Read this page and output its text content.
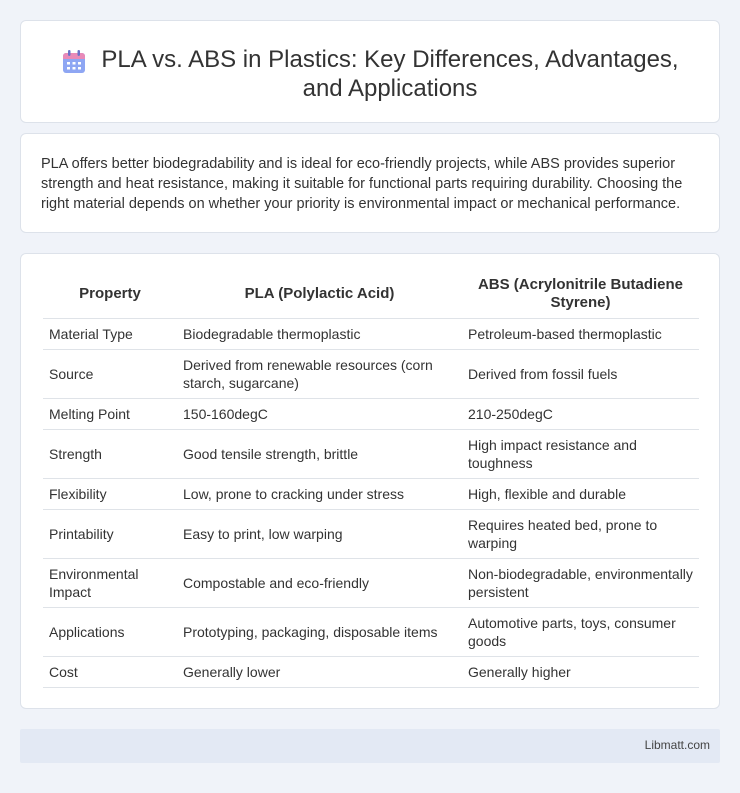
PLA vs. ABS in Plastics: Key Differences, Advantages, and Applications

PLA offers better biodegradability and is ideal for eco-friendly projects, while ABS provides superior strength and heat resistance, making it suitable for functional parts requiring durability. Choosing the right material depends on whether your priority is environmental impact or mechanical performance.

Property	PLA (Polylactic Acid)	ABS (Acrylonitrile Butadiene Styrene)
Material Type	Biodegradable thermoplastic	Petroleum-based thermoplastic
Source	Derived from renewable resources (corn starch, sugarcane)	Derived from fossil fuels
Melting Point	150-160degC	210-250degC
Strength	Good tensile strength, brittle	High impact resistance and toughness
Flexibility	Low, prone to cracking under stress	High, flexible and durable
Printability	Easy to print, low warping	Requires heated bed, prone to warping
Environmental Impact	Compostable and eco-friendly	Non-biodegradable, environmentally persistent
Applications	Prototyping, packaging, disposable items	Automotive parts, toys, consumer goods
Cost	Generally lower	Generally higher
Libmatt.com
